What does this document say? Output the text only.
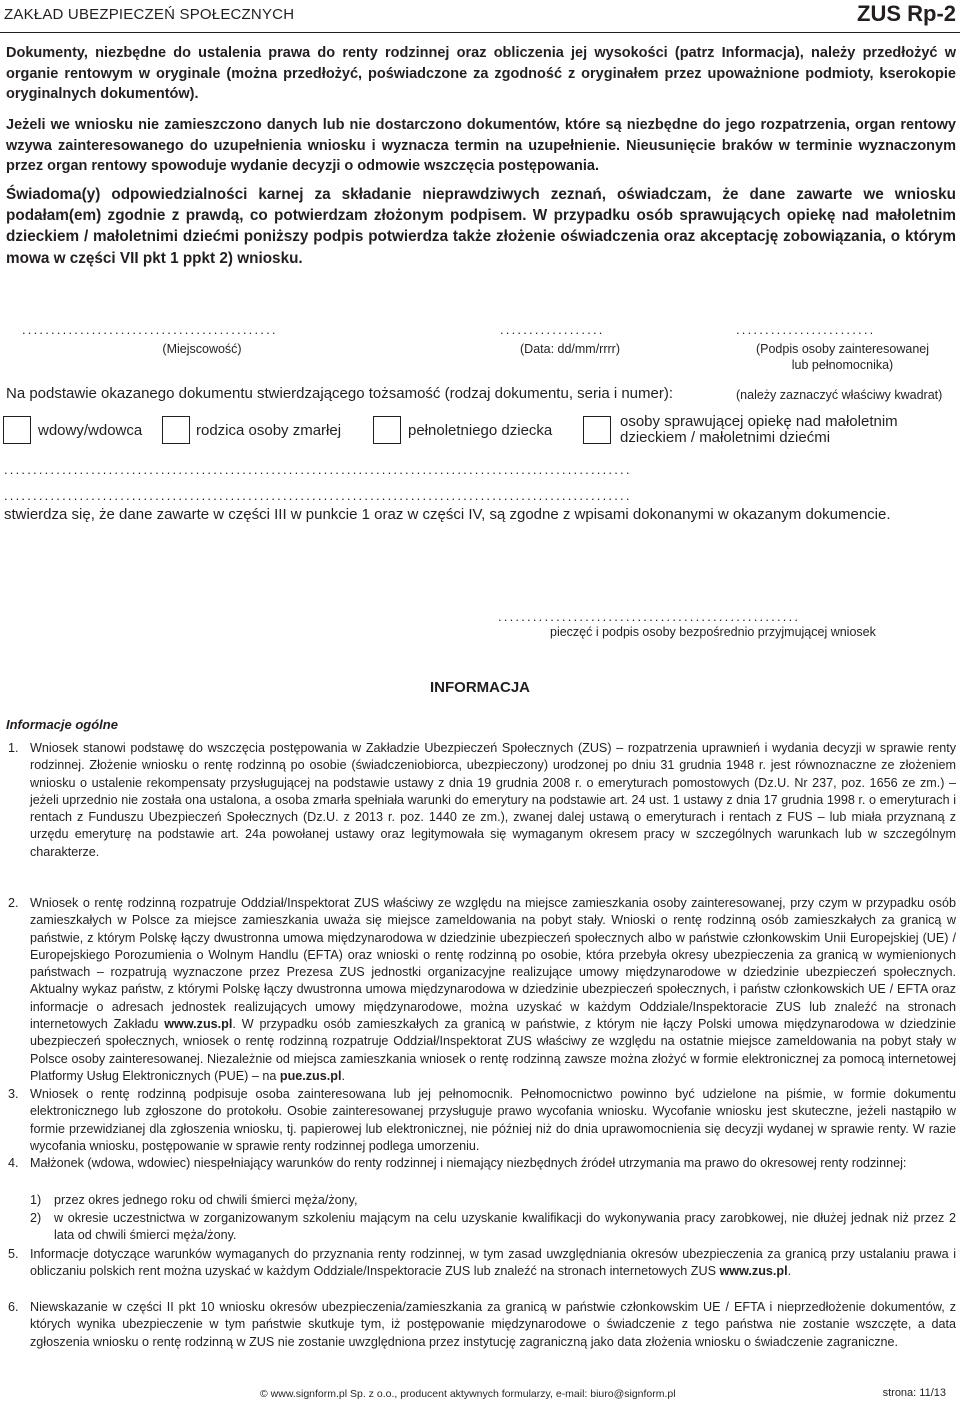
ZAKŁAD UBEZPIECZEŃ SPOŁECZNYCH	ZUS Rp-2
Dokumenty, niezbędne do ustalenia prawa do renty rodzinnej oraz obliczenia jej wysokości (patrz Informacja), należy przedłożyć w organie rentowym w oryginale (można przedłożyć, poświadczone za zgodność z oryginałem przez upoważnione podmioty, kserokopie oryginalnych dokumentów).
Jeżeli we wniosku nie zamieszczono danych lub nie dostarczono dokumentów, które są niezbędne do jego rozpatrzenia, organ rentowy wzywa zainteresowanego do uzupełnienia wniosku i wyznacza termin na uzupełnienie. Nieusunięcie braków w terminie wyznaczonym przez organ rentowy spowoduje wydanie decyzji o odmowie wszczęcia postępowania.
Świadoma(y) odpowiedzialności karnej za składanie nieprawdziwych zeznań, oświadczam, że dane zawarte we wniosku podałam(em) zgodnie z prawdą, co potwierdzam złożonym podpisem. W przypadku osób sprawujących opiekę nad małoletnim dzieckiem / małoletnimi dziećmi poniższy podpis potwierdza także złożenie oświadczenia oraz akceptację zobowiązania, o którym mowa w części VII pkt 1 ppkt 2) wniosku.
............................................
(Miejscowość)
..................
(Data: dd/mm/rrrr)
........................
(Podpis osoby zainteresowanej
lub pełnomocnika)
Na podstawie okazanego dokumentu stwierdzającego tożsamość (rodzaj dokumentu, seria i numer):	(należy zaznaczyć właściwy kwadrat)
wdowy/wdowca	rodzica osoby zmarłej	pełnoletniego dziecka
osoby sprawującej opiekę nad małoletnim
dzieckiem / małoletnimi dziećmi
............................................................................................................
............................................................................................................
stwierdza się, że dane zawarte w części III w punkcie 1 oraz w części IV, są zgodne z wpisami dokonanymi w okazanym dokumencie.
....................................................
pieczęć i podpis osoby bezpośrednio przyjmującej wniosek
INFORMACJA
Informacje ogólne
1. Wniosek stanowi podstawę do wszczęcia postępowania w Zakładzie Ubezpieczeń Społecznych (ZUS) – rozpatrzenia uprawnień i wydania decyzji w sprawie renty rodzinnej. Złożenie wniosku o rentę rodzinną po osobie (świadczeniobiorca, ubezpieczony) urodzonej po dniu 31 grudnia 1948 r. jest równoznaczne ze złożeniem wniosku o ustalenie rekompensaty przysługującej na podstawie ustawy z dnia 19 grudnia 2008 r. o emeryturach pomostowych (Dz.U. Nr 237, poz. 1656 ze zm.) – jeżeli uprzednio nie została ona ustalona, a osoba zmarła spełniała warunki do emerytury na podstawie art. 24 ust. 1 ustawy z dnia 17 grudnia 1998 r. o emeryturach i rentach z Funduszu Ubezpieczeń Społecznych (Dz.U. z 2013 r. poz. 1440 ze zm.), zwanej dalej ustawą o emeryturach i rentach z FUS – lub miała przyznaną z urzędu emeryturę na podstawie art. 24a powołanej ustawy oraz legitymowała się wymaganym okresem pracy w szczególnych warunkach lub w szczególnym charakterze.
2. Wniosek o rentę rodzinną rozpatruje Oddział/Inspektorat ZUS właściwy ze względu na miejsce zamieszkania osoby zainteresowanej, przy czym w przypadku osób zamieszkałych w Polsce za miejsce zamieszkania uważa się miejsce zameldowania na pobyt stały. Wnioski o rentę rodzinną osób zamieszkałych za granicą w państwie, z którym Polskę łączy dwustronna umowa międzynarodowa w dziedzinie ubezpieczeń społecznych albo w państwie członkowskim Unii Europejskiej (UE) / Europejskiego Porozumienia o Wolnym Handlu (EFTA) oraz wnioski o rentę rodzinną po osobie, która przebyła okresy ubezpieczenia za granicą w wymienionych państwach – rozpatrują wyznaczone przez Prezesa ZUS jednostki organizacyjne realizujące umowy międzynarodowe w dziedzinie ubezpieczeń społecznych. Aktualny wykaz państw, z którymi Polskę łączy dwustronna umowa międzynarodowa w dziedzinie ubezpieczeń społecznych, i państw członkowskich UE / EFTA oraz informacje o adresach jednostek realizujących umowy międzynarodowe, można uzyskać w każdym Oddziale/Inspektoracie ZUS lub znaleźć na stronach internetowych Zakładu www.zus.pl. W przypadku osób zamieszkałych za granicą w państwie, z którym nie łączy Polski umowa międzynarodowa w dziedzinie ubezpieczeń społecznych, wniosek o rentę rodzinną rozpatruje Oddział/Inspektorat ZUS właściwy ze względu na ostatnie miejsce zameldowania na pobyt stały w Polsce osoby zainteresowanej. Niezależnie od miejsca zamieszkania wniosek o rentę rodzinną zawsze można złożyć w formie elektronicznej za pomocą internetowej Platformy Usług Elektronicznych (PUE) – na pue.zus.pl.
3. Wniosek o rentę rodzinną podpisuje osoba zainteresowana lub jej pełnomocnik. Pełnomocnictwo powinno być udzielone na piśmie, w formie dokumentu elektronicznego lub zgłoszone do protokołu. Osobie zainteresowanej przysługuje prawo wycofania wniosku. Wycofanie wniosku jest skuteczne, jeżeli nastąpiło w formie przewidzianej dla zgłoszenia wniosku, tj. papierowej lub elektronicznej, nie później niż do dnia uprawomocnienia się decyzji wydanej w sprawie renty. W razie wycofania wniosku, postępowanie w sprawie renty rodzinnej podlega umorzeniu.
4. Małżonek (wdowa, wdowiec) niespełniający warunków do renty rodzinnej i niemający niezbędnych źródeł utrzymania ma prawo do okresowej renty rodzinnej:
1) przez okres jednego roku od chwili śmierci męża/żony,
2) w okresie uczestnictwa w zorganizowanym szkoleniu mającym na celu uzyskanie kwalifikacji do wykonywania pracy zarobkowej, nie dłużej jednak niż przez 2 lata od chwili śmierci męża/żony.
5. Informacje dotyczące warunków wymaganych do przyznania renty rodzinnej, w tym zasad uwzględniania okresów ubezpieczenia za granicą przy ustalaniu prawa i obliczaniu polskich rent można uzyskać w każdym Oddziale/Inspektoracie ZUS lub znaleźć na stronach internetowych ZUS www.zus.pl.
6. Niewskazanie w części II pkt 10 wniosku okresów ubezpieczenia/zamieszkania za granicą w państwie członkowskim UE / EFTA i nieprzedłożenie dokumentów, z których wynika ubezpieczenie w tym państwie skutkuje tym, iż postępowanie międzynarodowe o świadczenie z tego państwa nie zostanie wszczęte, a data zgłoszenia wniosku o rentę rodzinną w ZUS nie zostanie uwzględniona przez instytucję zagraniczną jako data złożenia wniosku o świadczenie zagraniczne.
© www.signform.pl Sp. z o.o., producent aktywnych formularzy, e-mail: biuro@signform.pl	strona: 11/13
